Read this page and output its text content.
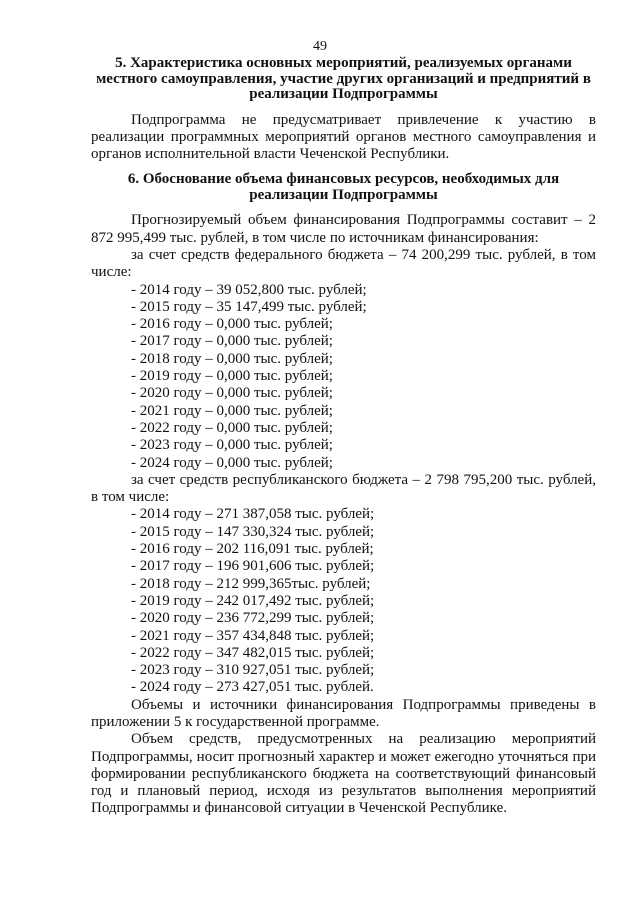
49
5. Характеристика основных мероприятий, реализуемых органами местного самоуправления, участие других организаций и предприятий в реализации Подпрограммы

Подпрограмма не предусматривает привлечение к участию в реализации программных мероприятий органов местного самоуправления и органов исполнительной власти Чеченской Республики.

6. Обоснование объема финансовых ресурсов, необходимых для реализации Подпрограммы

Прогнозируемый объем финансирования Подпрограммы составит – 2 872 995,499 тыс. рублей, в том числе по источникам финансирования:

за счет средств федерального бюджета – 74 200,299 тыс. рублей, в том числе:

- 2014 году – 39 052,800 тыс. рублей;
- 2015 году – 35 147,499 тыс. рублей;
- 2016 году – 0,000 тыс. рублей;
- 2017 году – 0,000 тыс. рублей;
- 2018 году – 0,000 тыс. рублей;
- 2019 году – 0,000 тыс. рублей;
- 2020 году – 0,000 тыс. рублей;
- 2021 году – 0,000 тыс. рублей;
- 2022 году – 0,000 тыс. рублей;
- 2023 году – 0,000 тыс. рублей;
- 2024 году – 0,000 тыс. рублей;

за счет средств республиканского бюджета – 2 798 795,200 тыс. рублей, в том числе:

- 2014 году – 271 387,058 тыс. рублей;
- 2015 году – 147 330,324 тыс. рублей;
- 2016 году – 202 116,091 тыс. рублей;
- 2017 году – 196 901,606 тыс. рублей;
- 2018 году – 212 999,365тыс. рублей;
- 2019 году – 242 017,492 тыс. рублей;
- 2020 году – 236 772,299 тыс. рублей;
- 2021 году – 357 434,848 тыс. рублей;
- 2022 году – 347 482,015 тыс. рублей;
- 2023 году – 310 927,051 тыс. рублей;
- 2024 году – 273 427,051 тыс. рублей.

Объемы и источники финансирования Подпрограммы приведены в приложении 5 к государственной программе.

Объем средств, предусмотренных на реализацию мероприятий Подпрограммы, носит прогнозный характер и может ежегодно уточняться при формировании республиканского бюджета на соответствующий финансовый год и плановый период, исходя из результатов выполнения мероприятий Подпрограммы и финансовой ситуации в Чеченской Республике.
